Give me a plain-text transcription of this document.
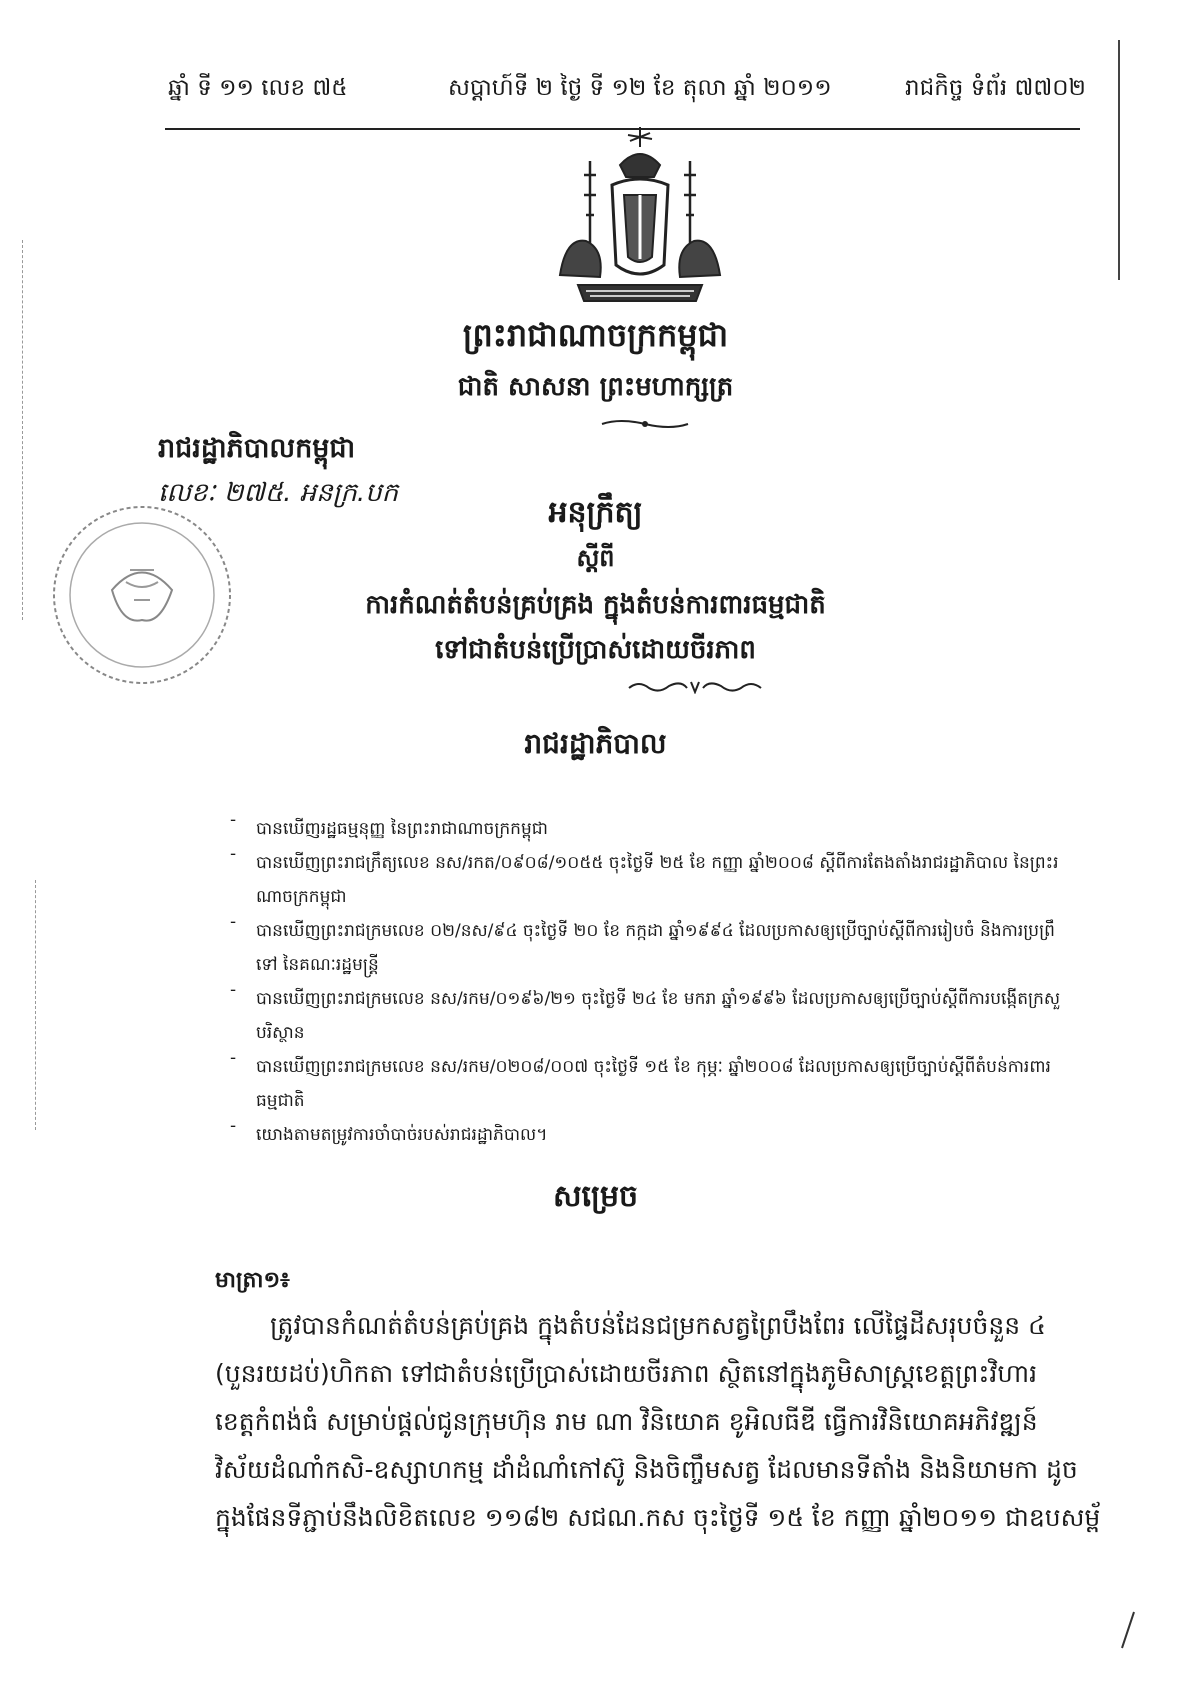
ឆ្នាំ ទី ១១ លេខ ៧៥	សប្តាហ៍ទី ២ ថ្ងៃ ទី ១២ ខែ តុលា ឆ្នាំ ២០១១	រាជកិច្ច ទំព័រ ៧៧០២
ព្រះរាជាណាចក្រកម្ពុជា
ជាតិ សាសនា ព្រះមហាក្សត្រ
រាជរដ្ឋាភិបាលកម្ពុជា
លេខៈ ២៧៥. អនក្រ.បក
អនុក្រឹត្យ
ស្តីពី
ការកំណត់តំបន់គ្រប់គ្រង ក្នុងតំបន់ការពារធម្មជាតិ
ទៅជាតំបន់ប្រើប្រាស់ដោយចីរភាព
រាជរដ្ឋាភិបាល
- បានឃើញរដ្ឋធម្មនុញ្ញ នៃព្រះរាជាណាចក្រកម្ពុជា
- បានឃើញព្រះរាជក្រឹត្យលេខ នស/រកត/០៩០៨/១០៥៥ ចុះថ្ងៃទី ២៥ ខែ កញ្ញា ឆ្នាំ២០០៨ ស្តីពីការតែងតាំងរាជរដ្ឋាភិបាល នៃព្រះរ
ណាចក្រកម្ពុជា
- បានឃើញព្រះរាជក្រមលេខ ០២/នស/៩៤ ចុះថ្ងៃទី ២០ ខែ កក្កដា ឆ្នាំ១៩៩៤ ដែលប្រកាសឲ្យប្រើច្បាប់ស្តីពីការរៀបចំ និងការប្រព្រឹ
ទៅ នៃគណៈរដ្ឋមន្ត្រី
- បានឃើញព្រះរាជក្រមលេខ នស/រកម/០១៩៦/២១ ចុះថ្ងៃទី ២៤ ខែ មករា ឆ្នាំ១៩៩៦ ដែលប្រកាសឲ្យប្រើច្បាប់ស្តីពីការបង្កើតក្រសួ
បរិស្ថាន
- បានឃើញព្រះរាជក្រមលេខ នស/រកម/០២០៨/០០៧ ចុះថ្ងៃទី ១៥ ខែ កុម្ភៈ ឆ្នាំ២០០៨ ដែលប្រកាសឲ្យប្រើច្បាប់ស្តីពីតំបន់ការពារ
ធម្មជាតិ
- យោងតាមតម្រូវការចាំបាច់របស់រាជរដ្ឋាភិបាល។
សម្រេច
មាត្រា១៖
ត្រូវបានកំណត់តំបន់គ្រប់គ្រង ក្នុងតំបន់ដែនជម្រកសត្វព្រៃបឹងពែរ លើផ្ទៃដីសរុបចំនួន ៤
(បួនរយដប់)ហិកតា ទៅជាតំបន់ប្រើប្រាស់ដោយចីរភាព ស្ថិតនៅក្នុងភូមិសាស្ត្រខេត្តព្រះវិហារ
ខេត្តកំពង់ធំ សម្រាប់ផ្តល់ជូនក្រុមហ៊ុន រាម ណា វិនិយោគ ខូអិលធីឌី ធ្វើការវិនិយោគអភិវឌ្ឍន៍
វិស័យដំណាំកសិ-ឧស្សាហកម្ម ដាំដំណាំកៅស៊ូ និងចិញ្ចឹមសត្វ ដែលមានទីតាំង និងនិយាមកា ដូច
ក្នុងផែនទីភ្ជាប់នឹងលិខិតលេខ ១១៨២ សជណ.កស ចុះថ្ងៃទី ១៥ ខែ កញ្ញា ឆ្នាំ២០១១ ជាឧបសម្ព័
